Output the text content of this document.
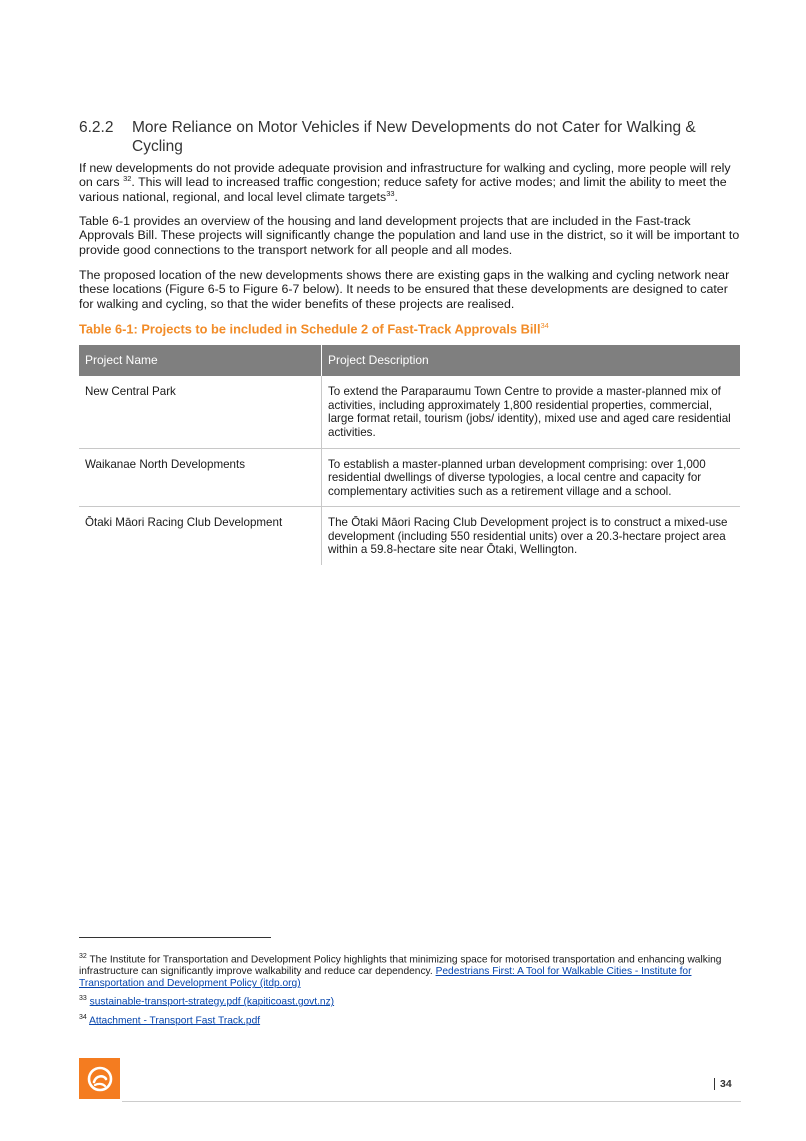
6.2.2	More Reliance on Motor Vehicles if New Developments do not Cater for Walking & Cycling

If new developments do not provide adequate provision and infrastructure for walking and cycling, more people will rely on cars $^{32}$. This will lead to increased traffic congestion; reduce safety for active modes; and limit the ability to meet the various national, regional, and local level climate targets$^{33}$.

Table 6-1 provides an overview of the housing and land development projects that are included in the Fast-track Approvals Bill. These projects will significantly change the population and land use in the district, so it will be important to provide good connections to the transport network for all people and all modes.

The proposed location of the new developments shows there are existing gaps in the walking and cycling network near these locations (Figure 6-5 to Figure 6-7 below). It needs to be ensured that these developments are designed to cater for walking and cycling, so that the wider benefits of these projects are realised.

Table 6-1: Projects to be included in Schedule 2 of Fast-Track Approvals Bill$^{34}$
Project Name	Project Description
New Central Park	To extend the Paraparaumu Town Centre to provide a master-planned mix of activities, including approximately 1,800 residential properties, commercial, large format retail, tourism (jobs/ identity), mixed use and aged care residential activities.
Waikanae North Developments	To establish a master-planned urban development comprising: over 1,000 residential dwellings of diverse typologies, a local centre and capacity for complementary activities such as a retirement village and a school.
Ōtaki Māori Racing Club Development	The Ōtaki Māori Racing Club Development project is to construct a mixed-use development (including 550 residential units) over a 20.3-hectare project area within a 59.8-hectare site near Ōtaki, Wellington.
$^{32}$ The Institute for Transportation and Development Policy highlights that minimizing space for motorised transportation and enhancing walking infrastructure can significantly improve walkability and reduce car dependency. Pedestrians First: A Tool for Walkable Cities - Institute for Transportation and Development Policy (itdp.org)
$^{33}$ sustainable-transport-strategy.pdf (kapiticoast.govt.nz)
$^{34}$ Attachment - Transport Fast Track.pdf
34
